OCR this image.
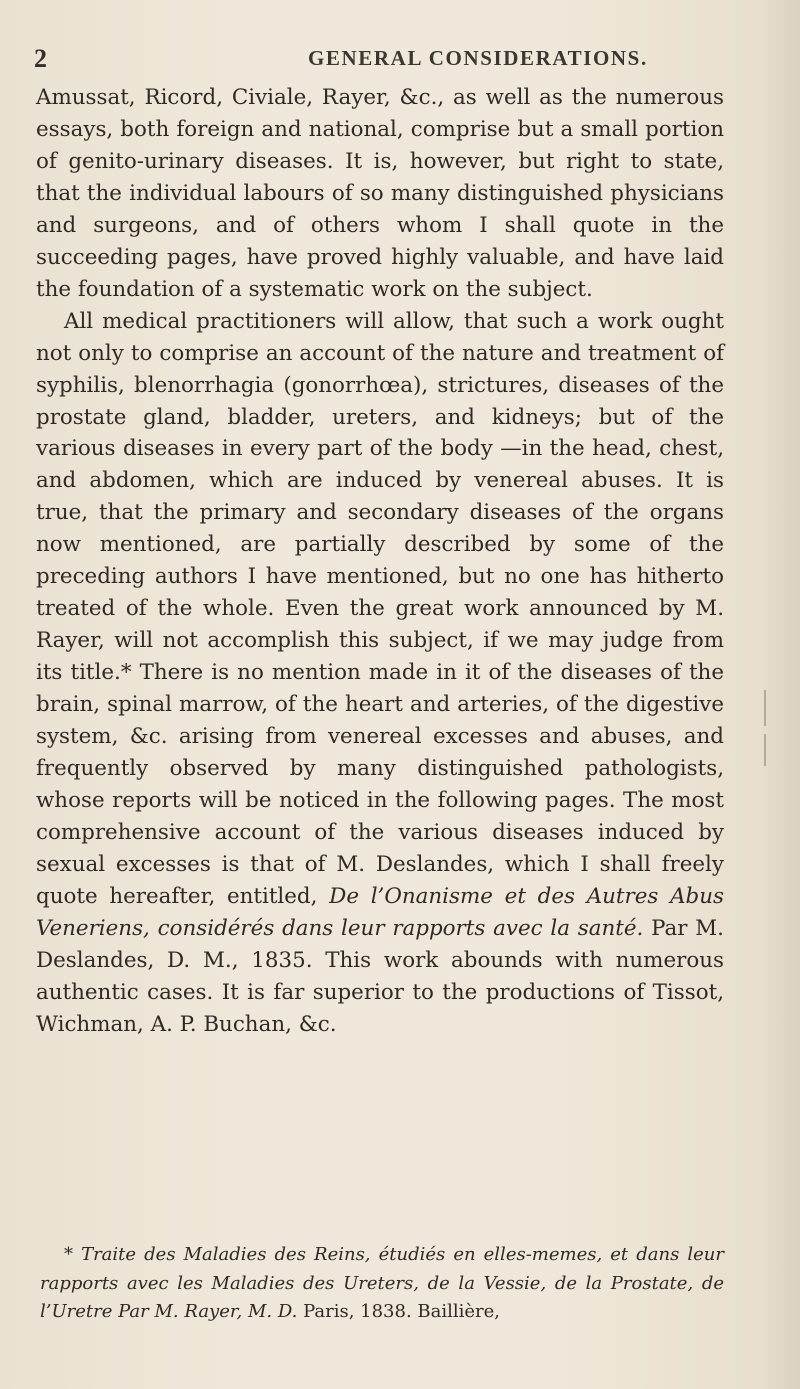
2	GENERAL CONSIDERATIONS.

Amussat, Ricord, Civiale, Rayer, &c., as well as the numerous essays, both foreign and national, comprise but a small portion of genito-urinary diseases. It is, however, but right to state, that the individual labours of so many distinguished physicians and surgeons, and of others whom I shall quote in the succeeding pages, have proved highly valuable, and have laid the foundation of a systematic work on the subject.

All medical practitioners will allow, that such a work ought not only to comprise an account of the nature and treatment of syphilis, blenorrhagia (gonorrhœa), strictures, diseases of the prostate gland, bladder, ureters, and kidneys; but of the various diseases in every part of the body —in the head, chest, and abdomen, which are induced by venereal abuses. It is true, that the primary and secondary diseases of the organs now mentioned, are partially described by some of the preceding authors I have mentioned, but no one has hitherto treated of the whole. Even the great work announced by M. Rayer, will not accomplish this subject, if we may judge from its title.* There is no mention made in it of the diseases of the brain, spinal marrow, of the heart and arteries, of the digestive system, &c. arising from venereal excesses and abuses, and frequently observed by many distinguished pathologists, whose reports will be noticed in the following pages. The most comprehensive account of the various diseases induced by sexual excesses is that of M. Deslandes, which I shall freely quote hereafter, entitled, De l’Onanisme et des Autres Abus Veneriens, considérés dans leur rapports avec la santé. Par M. Deslandes, D. M., 1835. This work abounds with numerous authentic cases. It is far superior to the productions of Tissot, Wichman, A. P. Buchan, &c.

* Traite des Maladies des Reins, étudiés en elles-memes, et dans leur rapports avec les Maladies des Ureters, de la Vessie, de la Prostate, de l’Uretre Par M. Rayer, M. D. Paris, 1838. Baillière,
